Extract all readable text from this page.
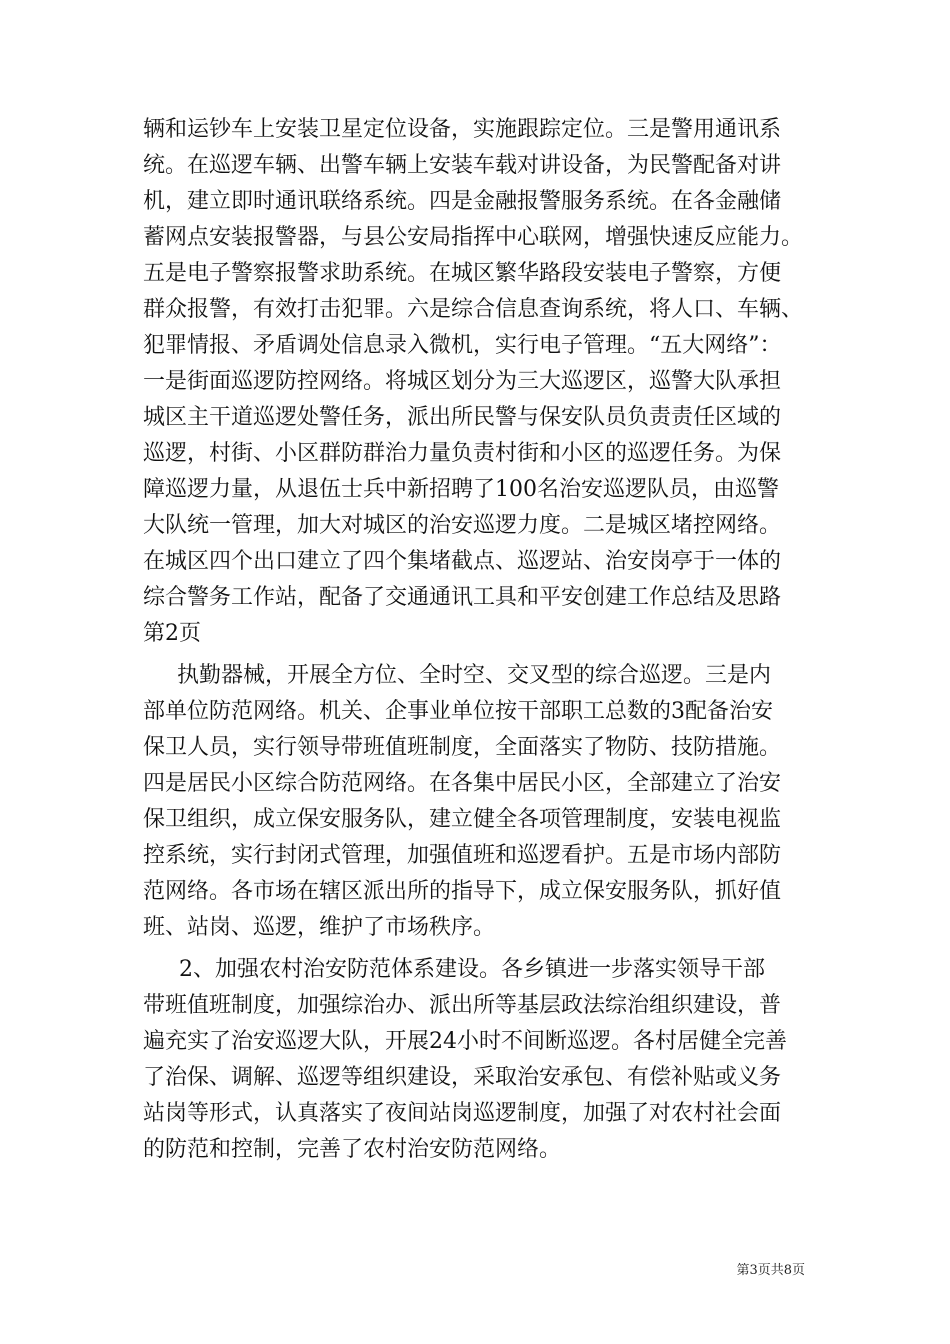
辆和运钞车上安装卫星定位设备，实施跟踪定位。三是警用通讯系
统。在巡逻车辆、出警车辆上安装车载对讲设备，为民警配备对讲
机，建立即时通讯联络系统。四是金融报警服务系统。在各金融储
蓄网点安装报警器，与县公安局指挥中心联网，增强快速反应能力。
五是电子警察报警求助系统。在城区繁华路段安装电子警察，方便
群众报警，有效打击犯罪。六是综合信息查询系统，将人口、车辆、
犯罪情报、矛盾调处信息录入微机，实行电子管理。“五大网络”：
一是街面巡逻防控网络。将城区划分为三大巡逻区，巡警大队承担
城区主干道巡逻处警任务，派出所民警与保安队员负责责任区域的
巡逻，村街、小区群防群治力量负责村街和小区的巡逻任务。为保
障巡逻力量，从退伍士兵中新招聘了100名治安巡逻队员，由巡警
大队统一管理，加大对城区的治安巡逻力度。二是城区堵控网络。
在城区四个出口建立了四个集堵截点、巡逻站、治安岗亭于一体的
综合警务工作站，配备了交通通讯工具和平安创建工作总结及思路
第2页
执勤器械，开展全方位、全时空、交叉型的综合巡逻。三是内
部单位防范网络。机关、企事业单位按干部职工总数的3配备治安
保卫人员，实行领导带班值班制度，全面落实了物防、技防措施。
四是居民小区综合防范网络。在各集中居民小区，全部建立了治安
保卫组织，成立保安服务队，建立健全各项管理制度，安装电视监
控系统，实行封闭式管理，加强值班和巡逻看护。五是市场内部防
范网络。各市场在辖区派出所的指导下，成立保安服务队，抓好值
班、站岗、巡逻，维护了市场秩序。
2、加强农村治安防范体系建设。各乡镇进一步落实领导干部
带班值班制度，加强综治办、派出所等基层政法综治组织建设，普
遍充实了治安巡逻大队，开展24小时不间断巡逻。各村居健全完善
了治保、调解、巡逻等组织建设，采取治安承包、有偿补贴或义务
站岗等形式，认真落实了夜间站岗巡逻制度，加强了对农村社会面
的防范和控制，完善了农村治安防范网络。
第3页共8页
